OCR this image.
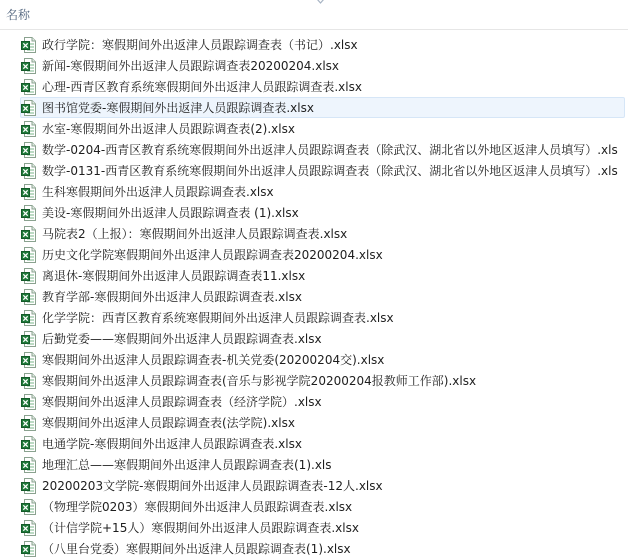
名称
政行学院：寒假期间外出返津人员跟踪调查表（书记）.xlsx
新闻-寒假期间外出返津人员跟踪调查表20200204.xlsx
心理-西青区教育系统寒假期间外出返津人员跟踪调查表.xlsx
图书馆党委-寒假期间外出返津人员跟踪调查表.xlsx
水室-寒假期间外出返津人员跟踪调查表(2).xlsx
数学-0204-西青区教育系统寒假期间外出返津人员跟踪调查表（除武汉、湖北省以外地区返津人员填写）.xls
数学-0131-西青区教育系统寒假期间外出返津人员跟踪调查表（除武汉、湖北省以外地区返津人员填写）.xls
生科寒假期间外出返津人员跟踪调查表.xlsx
美设-寒假期间外出返津人员跟踪调查表 (1).xlsx
马院表2（上报）：寒假期间外出返津人员跟踪调查表.xlsx
历史文化学院寒假期间外出返津人员跟踪调查表20200204.xlsx
离退休-寒假期间外出返津人员跟踪调查表11.xlsx
教育学部-寒假期间外出返津人员跟踪调查表.xlsx
化学学院：西青区教育系统寒假期间外出返津人员跟踪调查表.xlsx
后勤党委——寒假期间外出返津人员跟踪调查表.xlsx
寒假期间外出返津人员跟踪调查表-机关党委(20200204交).xlsx
寒假期间外出返津人员跟踪调查表(音乐与影视学院20200204报教师工作部).xlsx
寒假期间外出返津人员跟踪调查表（经济学院）.xlsx
寒假期间外出返津人员跟踪调查表(法学院).xlsx
电通学院-寒假期间外出返津人员跟踪调查表.xlsx
地理汇总——寒假期间外出返津人员跟踪调查表(1).xls
20200203文学院-寒假期间外出返津人员跟踪调查表-12人.xlsx
（物理学院0203）寒假期间外出返津人员跟踪调查表.xlsx
（计信学院+15人）寒假期间外出返津人员跟踪调查表.xlsx
（八里台党委）寒假期间外出返津人员跟踪调查表(1).xlsx
